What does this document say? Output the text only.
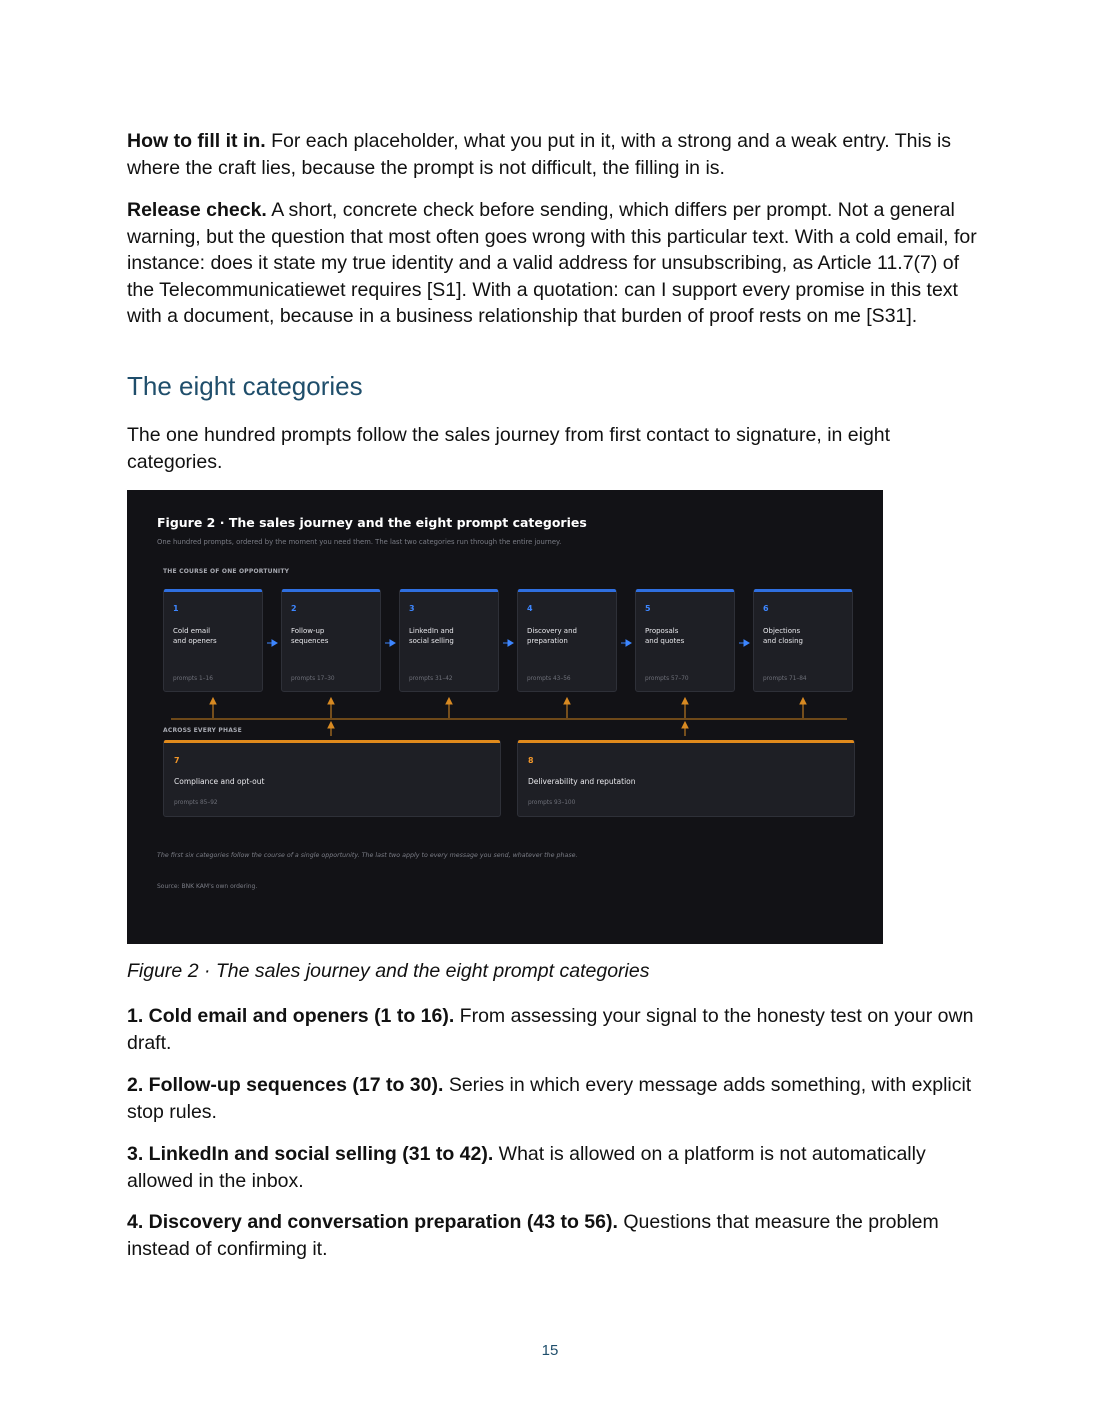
How to fill it in. For each placeholder, what you put in it, with a strong and a weak entry. This is where the craft lies, because the prompt is not difficult, the filling in is.

Release check. A short, concrete check before sending, which differs per prompt. Not a general warning, but the question that most often goes wrong with this particular text. With a cold email, for instance: does it state my true identity and a valid address for unsubscribing, as Article 11.7(7) of the Telecommunicatiewet requires [S1]. With a quotation: can I support every promise in this text with a document, because in a business relationship that burden of proof rests on me [S31].

The eight categories

The one hundred prompts follow the sales journey from first contact to signature, in eight categories.

Figure 2 · The sales journey and the eight prompt categories
One hundred prompts, ordered by the moment you need them. The last two categories run through the entire journey.
THE COURSE OF ONE OPPORTUNITY
1
Cold email
and openers
prompts 1–16
2
Follow-up
sequences
prompts 17–30
3
LinkedIn and
social selling
prompts 31–42
4
Discovery and
preparation
prompts 43–56
5
Proposals
and quotes
prompts 57–70
6
Objections
and closing
prompts 71–84
ACROSS EVERY PHASE
7
Compliance and opt-out
prompts 85–92
8
Deliverability and reputation
prompts 93–100
The first six categories follow the course of a single opportunity. The last two apply to every message you send, whatever the phase.
Source: BNK KAM's own ordering.

Figure 2 · The sales journey and the eight prompt categories

1. Cold email and openers (1 to 16). From assessing your signal to the honesty test on your own draft.

2. Follow-up sequences (17 to 30). Series in which every message adds something, with explicit stop rules.

3. LinkedIn and social selling (31 to 42). What is allowed on a platform is not automatically allowed in the inbox.

4. Discovery and conversation preparation (43 to 56). Questions that measure the problem instead of confirming it.

15
